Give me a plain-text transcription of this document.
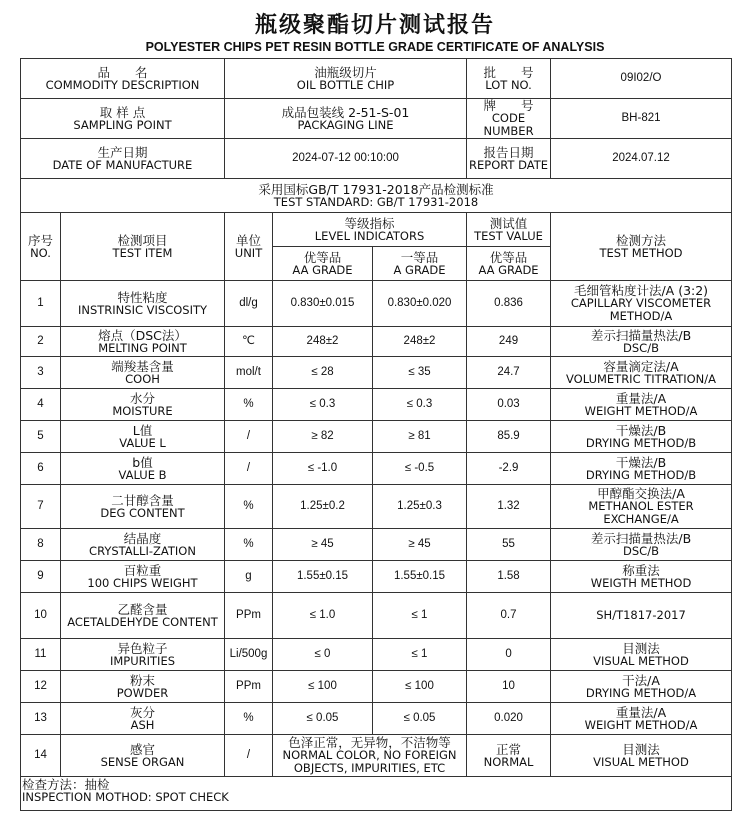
瓶级聚酯切片测试报告
POLYESTER CHIPS PET RESIN BOTTLE GRADE CERTIFICATE OF ANALYSIS
品　　名
COMMODITY DESCRIPTION		油瓶级切片
OIL BOTTLE CHIP			批　　号
LOT NO.	09I02/O

取 样 点
SAMPLING POINT		成品包装线 2-51-S-01
PACKAGING LINE			牌　　号
CODE NUMBER	BH-821

生产日期
DATE OF MANUFACTURE		2024-07-12 00:10:00			报告日期
REPORT DATE	2024.07.12

采用国标GB/T 17931-2018产品检测标准
TEST STANDARD: GB/T 17931-2018						

序号
NO.	检测项目
TEST ITEM	单位
UNIT	等级指标
LEVEL INDICATORS		测试值
TEST VALUE	检测方法
TEST METHOD

			优等品
AA GRADE	一等品
A GRADE	优等品
AA GRADE	

1	特性粘度
INSTRINSIC VISCOSITY	dl/g	0.830±0.015	0.830±0.020	0.836	毛细管粘度计法/A (3:2)
CAPILLARY VISCOMETER METHOD/A

2	熔点（DSC法）
MELTING POINT	℃	248±2	248±2	249	差示扫描量热法/B
DSC/B

3	端羧基含量
COOH	mol/t	≤ 28	≤ 35	24.7	容量滴定法/A
VOLUMETRIC TITRATION/A

4	水分
MOISTURE	%	≤ 0.3	≤ 0.3	0.03	重量法/A
WEIGHT METHOD/A

5	L值
VALUE L	/	≥ 82	≥ 81	85.9	干燥法/B
DRYING METHOD/B

6	b值
VALUE B	/	≤ -1.0	≤ -0.5	-2.9	干燥法/B
DRYING METHOD/B

7	二甘醇含量
DEG CONTENT	%	1.25±0.2	1.25±0.3	1.32	甲醇酯交换法/A
METHANOL ESTER EXCHANGE/A

8	结晶度
CRYSTALLI-ZATION	%	≥ 45	≥ 45	55	差示扫描量热法/B
DSC/B

9	百粒重
100 CHIPS WEIGHT	g	1.55±0.15	1.55±0.15	1.58	称重法
WEIGTH METHOD

10	乙醛含量
ACETALDEHYDE CONTENT	PPm	≤ 1.0	≤ 1	0.7	SH/T1817-2017

11	异色粒子
IMPURITIES	Li/500g	≤ 0	≤ 1	0	目测法
VISUAL METHOD

12	粉末
POWDER	PPm	≤ 100	≤ 100	10	干法/A
DRYING METHOD/A

13	灰分
ASH	%	≤ 0.05	≤ 0.05	0.020	重量法/A
WEIGHT METHOD/A

14	感官
SENSE ORGAN	/	色泽正常，无异物，不洁物等
NORMAL COLOR, NO FOREIGN OBJECTS, IMPURITIES, ETC		正常
NORMAL	目测法
VISUAL METHOD

检查方法：抽检
INSPECTION MOTHOD: SPOT CHECK						
